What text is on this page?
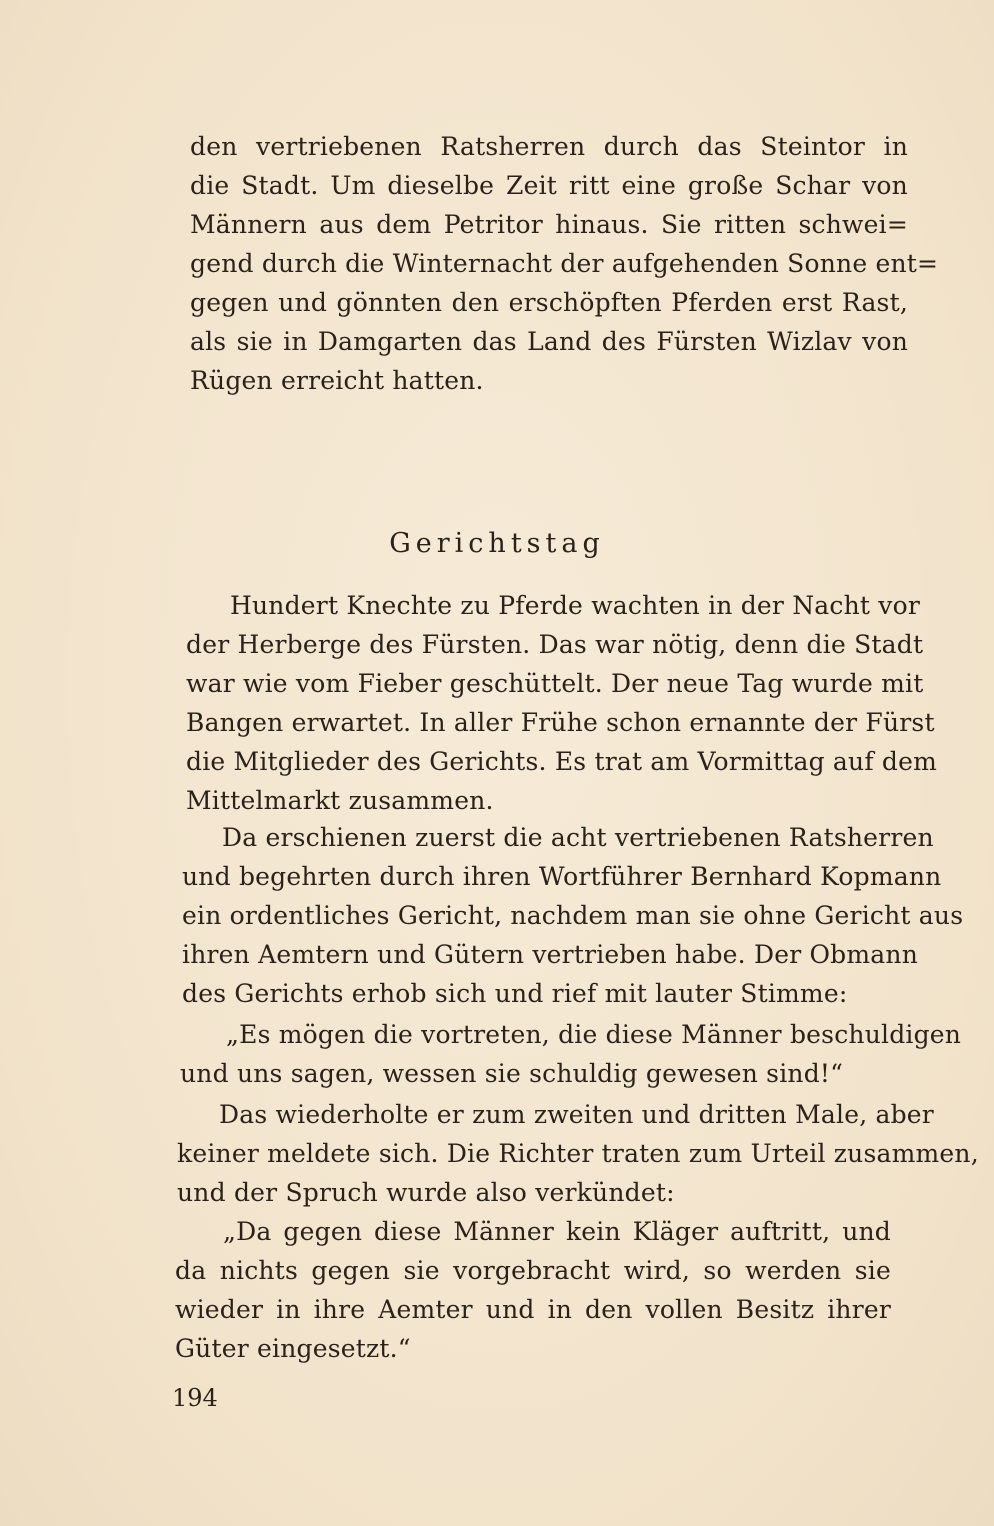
den vertriebenen Ratsherren durch das Steintor in
die Stadt. Um dieselbe Zeit ritt eine große Schar von
Männern aus dem Petritor hinaus. Sie ritten schwei=
gend durch die Winternacht der aufgehenden Sonne ent=
gegen und gönnten den erschöpften Pferden erst Rast,
als sie in Damgarten das Land des Fürsten Wizlav von
Rügen erreicht hatten.
Gerichtstag
Hundert Knechte zu Pferde wachten in der Nacht vor
der Herberge des Fürsten. Das war nötig, denn die Stadt
war wie vom Fieber geschüttelt. Der neue Tag wurde mit
Bangen erwartet. In aller Frühe schon ernannte der Fürst
die Mitglieder des Gerichts. Es trat am Vormittag auf dem
Mittelmarkt zusammen.
Da erschienen zuerst die acht vertriebenen Ratsherren
und begehrten durch ihren Wortführer Bernhard Kopmann
ein ordentliches Gericht, nachdem man sie ohne Gericht aus
ihren Aemtern und Gütern vertrieben habe. Der Obmann
des Gerichts erhob sich und rief mit lauter Stimme:
„Es mögen die vortreten, die diese Männer beschuldigen
und uns sagen, wessen sie schuldig gewesen sind!“
Das wiederholte er zum zweiten und dritten Male, aber
keiner meldete sich. Die Richter traten zum Urteil zusammen,
und der Spruch wurde also verkündet:
„Da gegen diese Männer kein Kläger auftritt, und
da nichts gegen sie vorgebracht wird, so werden sie
wieder in ihre Aemter und in den vollen Besitz ihrer
Güter eingesetzt.“
194
